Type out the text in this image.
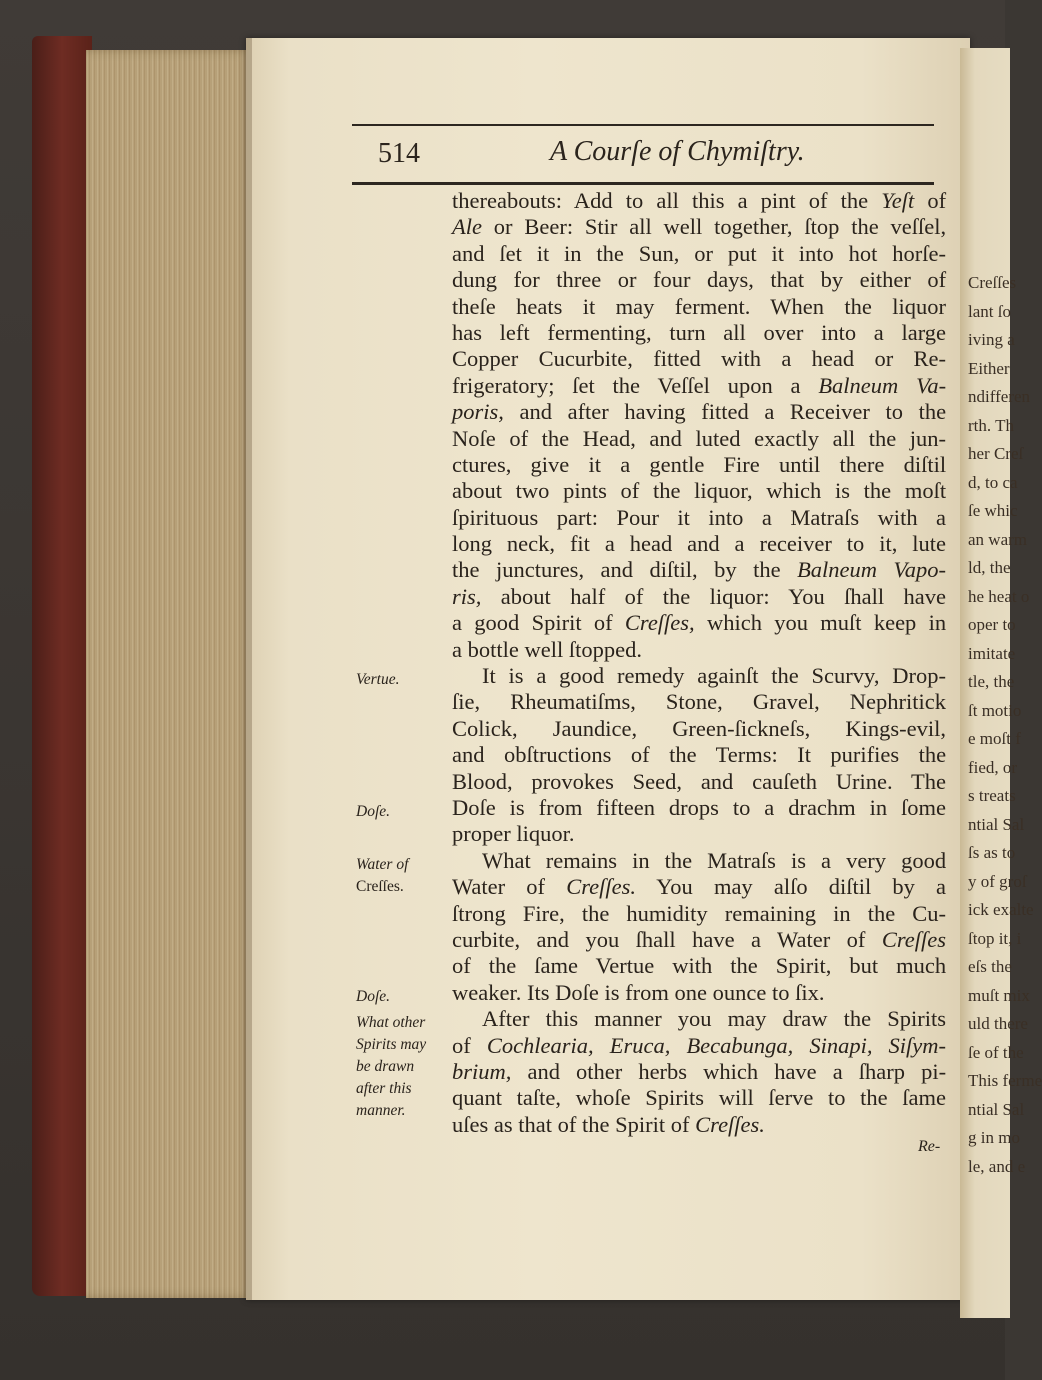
Creſſes
lant ſo
iving a
Either
ndifferen
rth. Th
her Creſ
d, to ca
ſe whic
an warm
ld, the
he heat o
oper to
imitate
tle, the
ſt motio
e moſt f
fied, or
s treats
ntial Sal
ſs as to
y of groſ
ick exalte
ſtop it, i
eſs the
muſt mix
uld there
ſe of the
This ferme
ntial Sal
g in mo
le, and e
514	A Courſe of Chymiſtry.
thereabouts: Add to all this a pint of the Yeſt of
Ale or Beer: Stir all well together, ſtop the veſſel,
and ſet it in the Sun, or put it into hot horſe-
dung for three or four days, that by either of
theſe heats it may ferment. When the liquor
has left fermenting, turn all over into a large
Copper Cucurbite, fitted with a head or Re-
frigeratory; ſet the Veſſel upon a Balneum Va-
poris, and after having fitted a Receiver to the
Noſe of the Head, and luted exactly all the jun-
ctures, give it a gentle Fire until there diſtil
about two pints of the liquor, which is the moſt
ſpirituous part: Pour it into a Matraſs with a
long neck, fit a head and a receiver to it, lute
the junctures, and diſtil, by the Balneum Vapo-
ris, about half of the liquor: You ſhall have
a good Spirit of Creſſes, which you muſt keep in
a bottle well ſtopped.
It is a good remedy againſt the Scurvy, Drop-
ſie, Rheumatiſms, Stone, Gravel, Nephritick
Colick, Jaundice, Green-ſickneſs, Kings-evil,
and obſtructions of the Terms: It purifies the
Blood, provokes Seed, and cauſeth Urine. The
Doſe is from fifteen drops to a drachm in ſome
proper liquor.
What remains in the Matraſs is a very good
Water of Creſſes. You may alſo diſtil by a
ſtrong Fire, the humidity remaining in the Cu-
curbite, and you ſhall have a Water of Creſſes
of the ſame Vertue with the Spirit, but much
weaker. Its Doſe is from one ounce to ſix.
After this manner you may draw the Spirits
of Cochlearia, Eruca, Becabunga, Sinapi, Siſym-
brium, and other herbs which have a ſharp pi-
quant taſte, whoſe Spirits will ſerve to the ſame
uſes as that of the Spirit of Creſſes.
Vertue.
Doſe.
Water of
Creſſes.
Doſe.
What other
Spirits may
be drawn
after this
manner.
Re-
